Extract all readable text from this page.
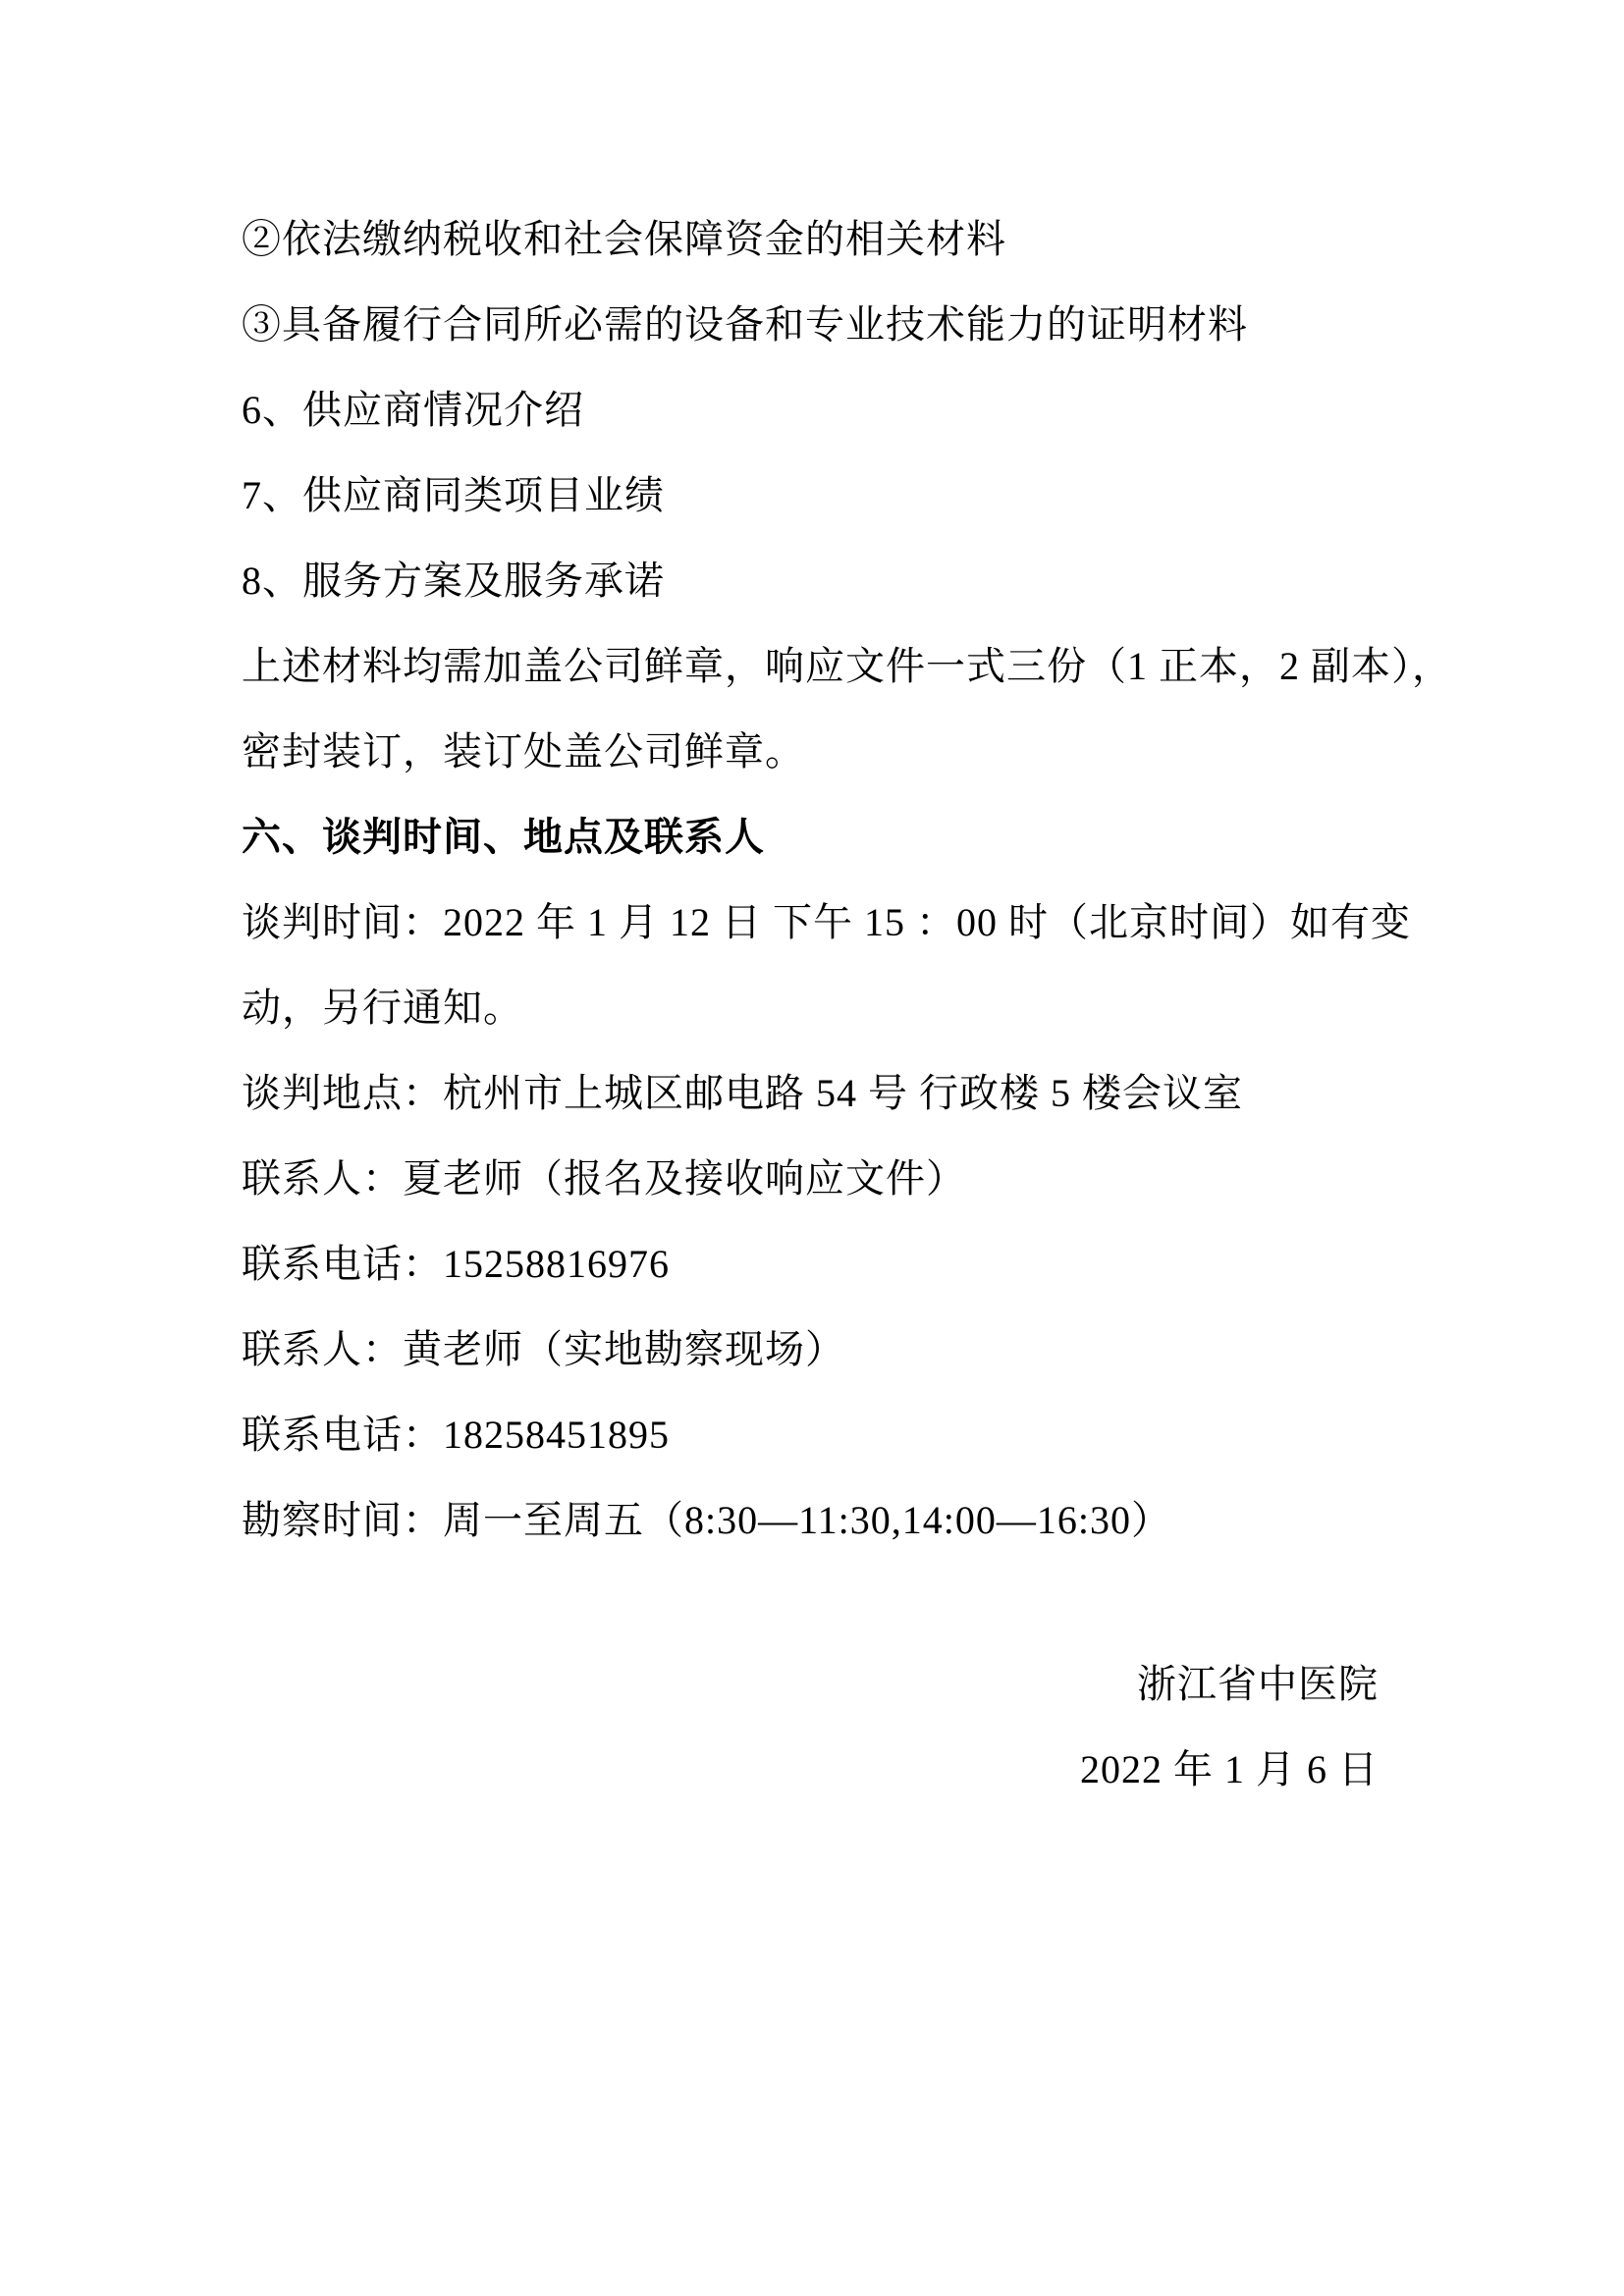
②依法缴纳税收和社会保障资金的相关材料
③具备履行合同所必需的设备和专业技术能力的证明材料
6、供应商情况介绍
7、供应商同类项目业绩
8、服务方案及服务承诺
上述材料均需加盖公司鲜章，响应文件一式三份（1 正本，2 副本），
密封装订，装订处盖公司鲜章。
六、谈判时间、地点及联系人
谈判时间：2022 年 1 月 12 日 下午 15 ：00 时（北京时间）如有变
动，另行通知。
谈判地点：杭州市上城区邮电路 54 号 行政楼 5 楼会议室
联系人：夏老师（报名及接收响应文件）
联系电话：15258816976
联系人：黄老师（实地勘察现场）
联系电话：18258451895
勘察时间：周一至周五（8:30—11:30,14:00—16:30）
浙江省中医院
2022 年 1 月 6 日
